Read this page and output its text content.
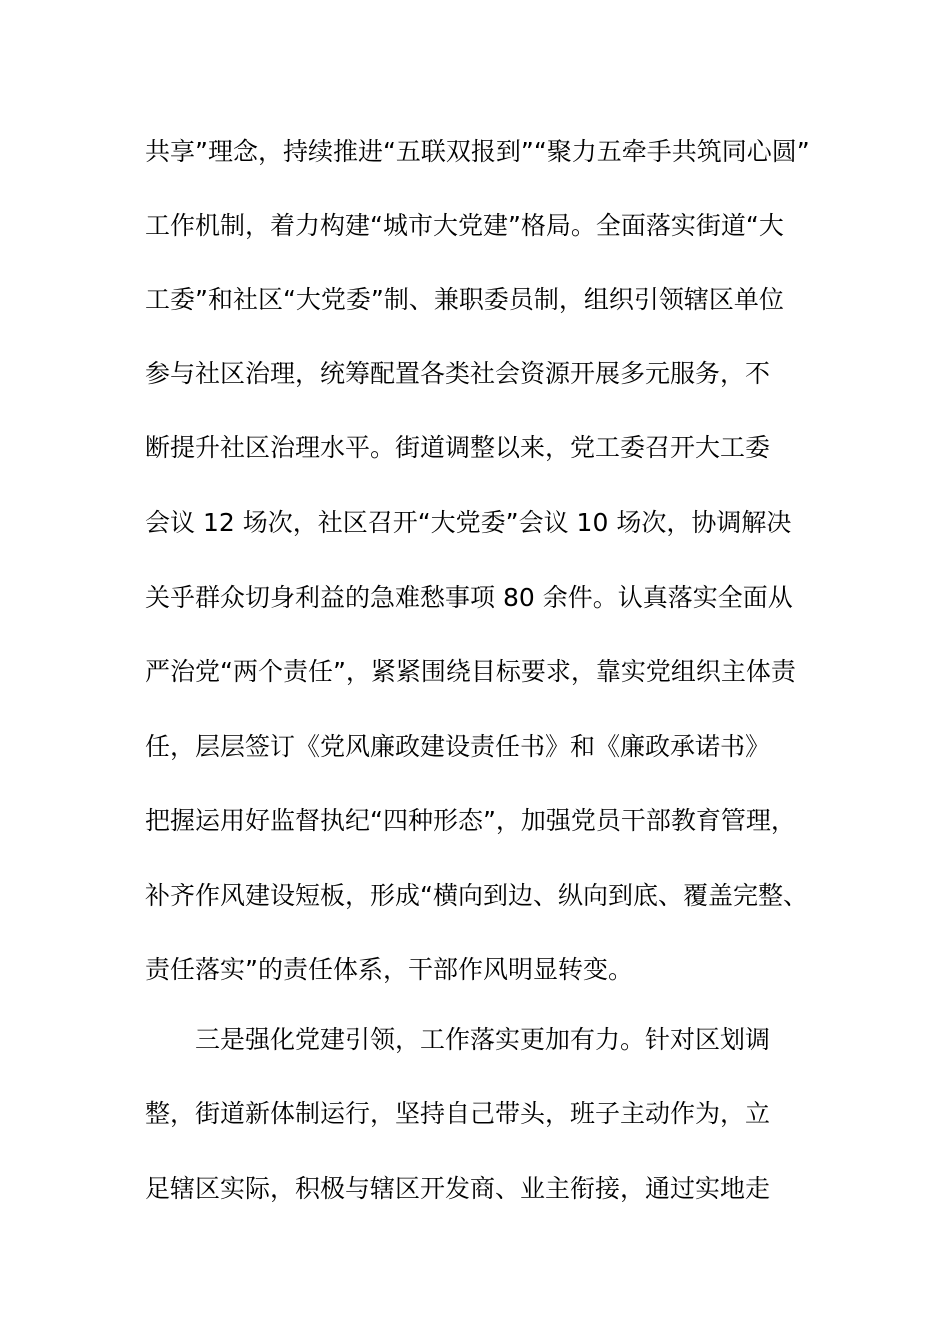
共享”理念，持续推进“五联双报到”“聚力五牵手共筑同心圆”
工作机制，着力构建“城市大党建”格局。全面落实街道“大
工委”和社区“大党委”制、兼职委员制，组织引领辖区单位
参与社区治理，统筹配置各类社会资源开展多元服务，不
断提升社区治理水平。街道调整以来，党工委召开大工委
会议 12 场次，社区召开“大党委”会议 10 场次，协调解决
关乎群众切身利益的急难愁事项 80 余件。认真落实全面从
严治党“两个责任”，紧紧围绕目标要求，靠实党组织主体责
任，层层签订《党风廉政建设责任书》和《廉政承诺书》
把握运用好监督执纪“四种形态”，加强党员干部教育管理，
补齐作风建设短板，形成“横向到边、纵向到底、覆盖完整、
责任落实”的责任体系，干部作风明显转变。
三是强化党建引领，工作落实更加有力。针对区划调
整，街道新体制运行，坚持自己带头，班子主动作为，立
足辖区实际，积极与辖区开发商、业主衔接，通过实地走
